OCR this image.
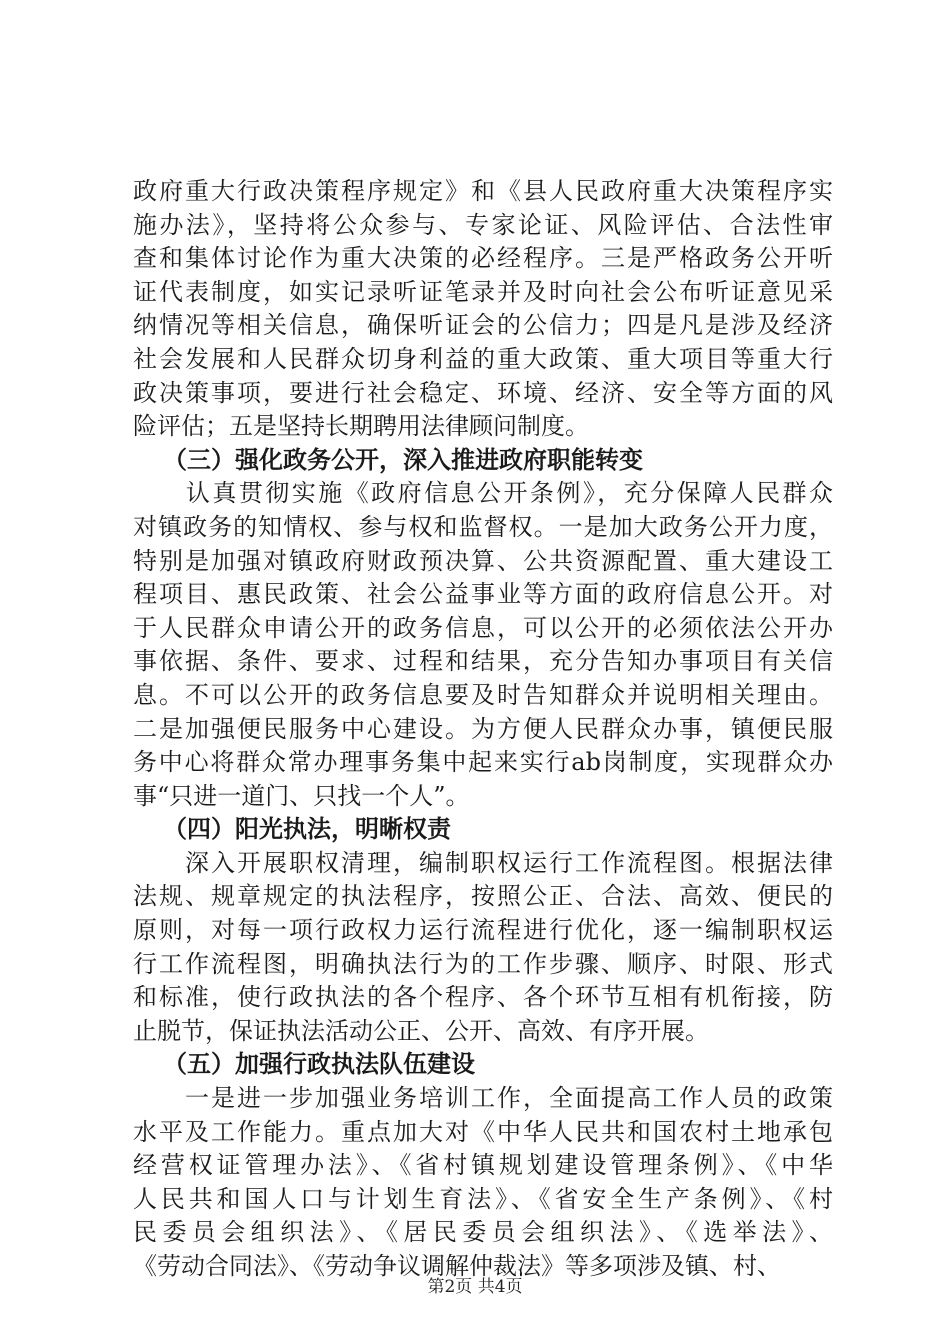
政府重大行政决策程序规定》和《县人民政府重大决策程序实
施办法》，坚持将公众参与、专家论证、风险评估、合法性审
查和集体讨论作为重大决策的必经程序。三是严格政务公开听
证代表制度，如实记录听证笔录并及时向社会公布听证意见采
纳情况等相关信息，确保听证会的公信力；四是凡是涉及经济
社会发展和人民群众切身利益的重大政策、重大项目等重大行
政决策事项，要进行社会稳定、环境、经济、安全等方面的风
险评估；五是坚持长期聘用法律顾问制度。
（三）强化政务公开，深入推进政府职能转变
　　认真贯彻实施《政府信息公开条例》，充分保障人民群众
对镇政务的知情权、参与权和监督权。一是加大政务公开力度，
特别是加强对镇政府财政预决算、公共资源配置、重大建设工
程项目、惠民政策、社会公益事业等方面的政府信息公开。对
于人民群众申请公开的政务信息，可以公开的必须依法公开办
事依据、条件、要求、过程和结果，充分告知办事项目有关信
息。不可以公开的政务信息要及时告知群众并说明相关理由。
二是加强便民服务中心建设。为方便人民群众办事，镇便民服
务中心将群众常办理事务集中起来实行ab岗制度，实现群众办
事“只进一道门、只找一个人”。
（四）阳光执法，明晰权责
　　深入开展职权清理，编制职权运行工作流程图。根据法律
法规、规章规定的执法程序，按照公正、合法、高效、便民的
原则，对每一项行政权力运行流程进行优化，逐一编制职权运
行工作流程图，明确执法行为的工作步骤、顺序、时限、形式
和标准，使行政执法的各个程序、各个环节互相有机衔接，防
止脱节，保证执法活动公正、公开、高效、有序开展。
（五）加强行政执法队伍建设
　　一是进一步加强业务培训工作，全面提高工作人员的政策
水平及工作能力。重点加大对《中华人民共和国农村土地承包
经营权证管理办法》、《省村镇规划建设管理条例》、《中华
人民共和国人口与计划生育法》、《省安全生产条例》、《村
民委员会组织法》、《居民委员会组织法》、《选举法》、
《劳动合同法》、《劳动争议调解仲裁法》等多项涉及镇、村、
第2页 共4页
